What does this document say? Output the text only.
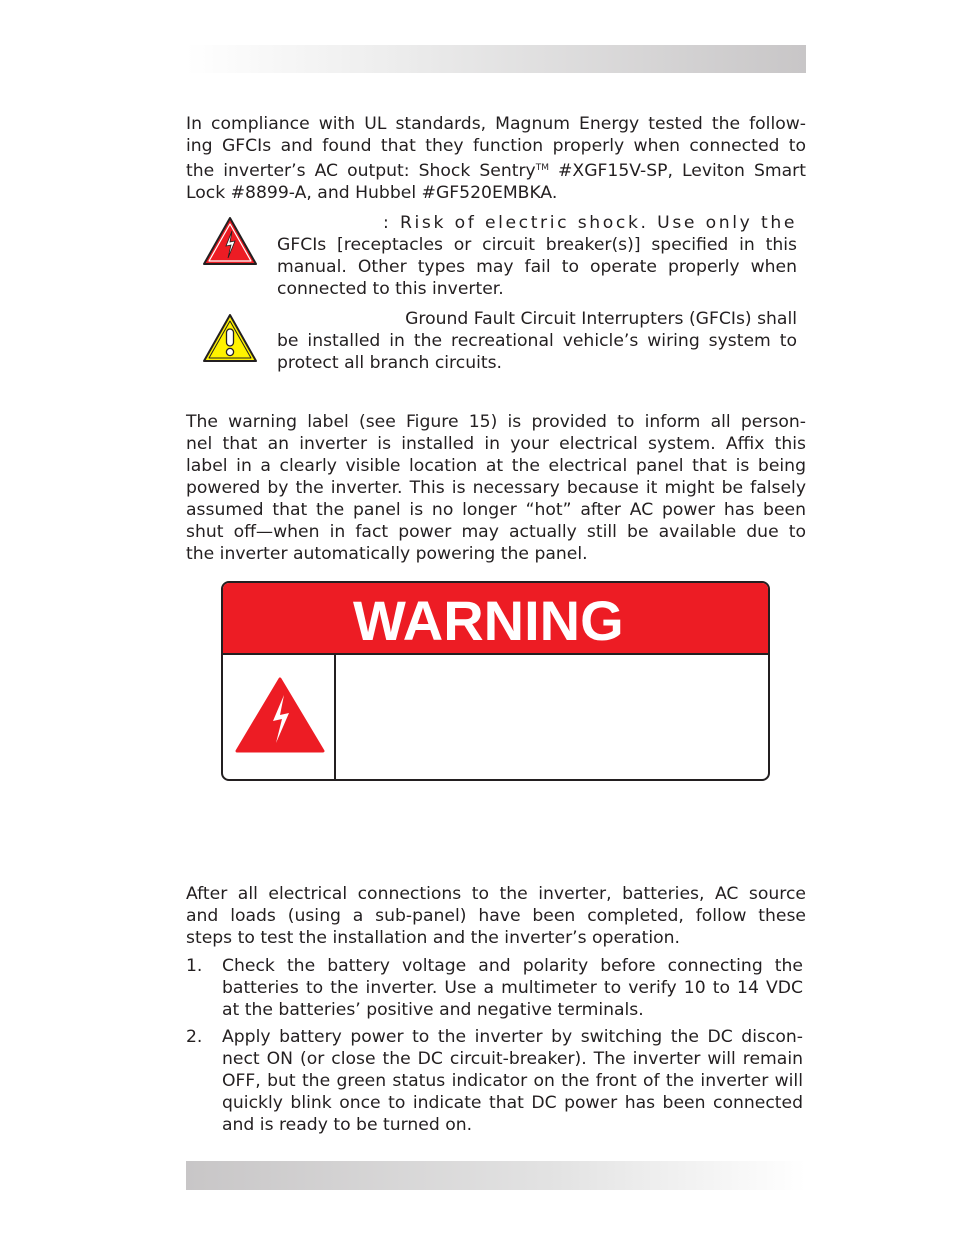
In compliance with UL standards, Magnum Energy tested the follow-
ing GFCIs and found that they function properly when connected to
the inverter’s AC output: Shock Sentry™ #XGF15V-SP, Leviton Smart
Lock #8899-A, and Hubbel #GF520EMBKA.
: Risk of electric shock. Use only the
GFCIs [receptacles or circuit breaker(s)] specified in this
manual. Other types may fail to operate properly when
connected to this inverter.
Ground Fault Circuit Interrupters (GFCIs) shall
be installed in the recreational vehicle’s wiring system to
protect all branch circuits.
The warning label (see Figure 15) is provided to inform all person-
nel that an inverter is installed in your electrical system. Affix this
label in a clearly visible location at the electrical panel that is being
powered by the inverter. This is necessary because it might be falsely
assumed that the panel is no longer “hot” after AC power has been
shut off—when in fact power may actually still be available due to
the inverter automatically powering the panel.
WARNING
After all electrical connections to the inverter, batteries, AC source
and loads (using a sub-panel) have been completed, follow these
steps to test the installation and the inverter’s operation.
1. Check the battery voltage and polarity before connecting the
batteries to the inverter. Use a multimeter to verify 10 to 14 VDC
at the batteries’ positive and negative terminals.
2. Apply battery power to the inverter by switching the DC discon-
nect ON (or close the DC circuit-breaker). The inverter will remain
OFF, but the green status indicator on the front of the inverter will
quickly blink once to indicate that DC power has been connected
and is ready to be turned on.
